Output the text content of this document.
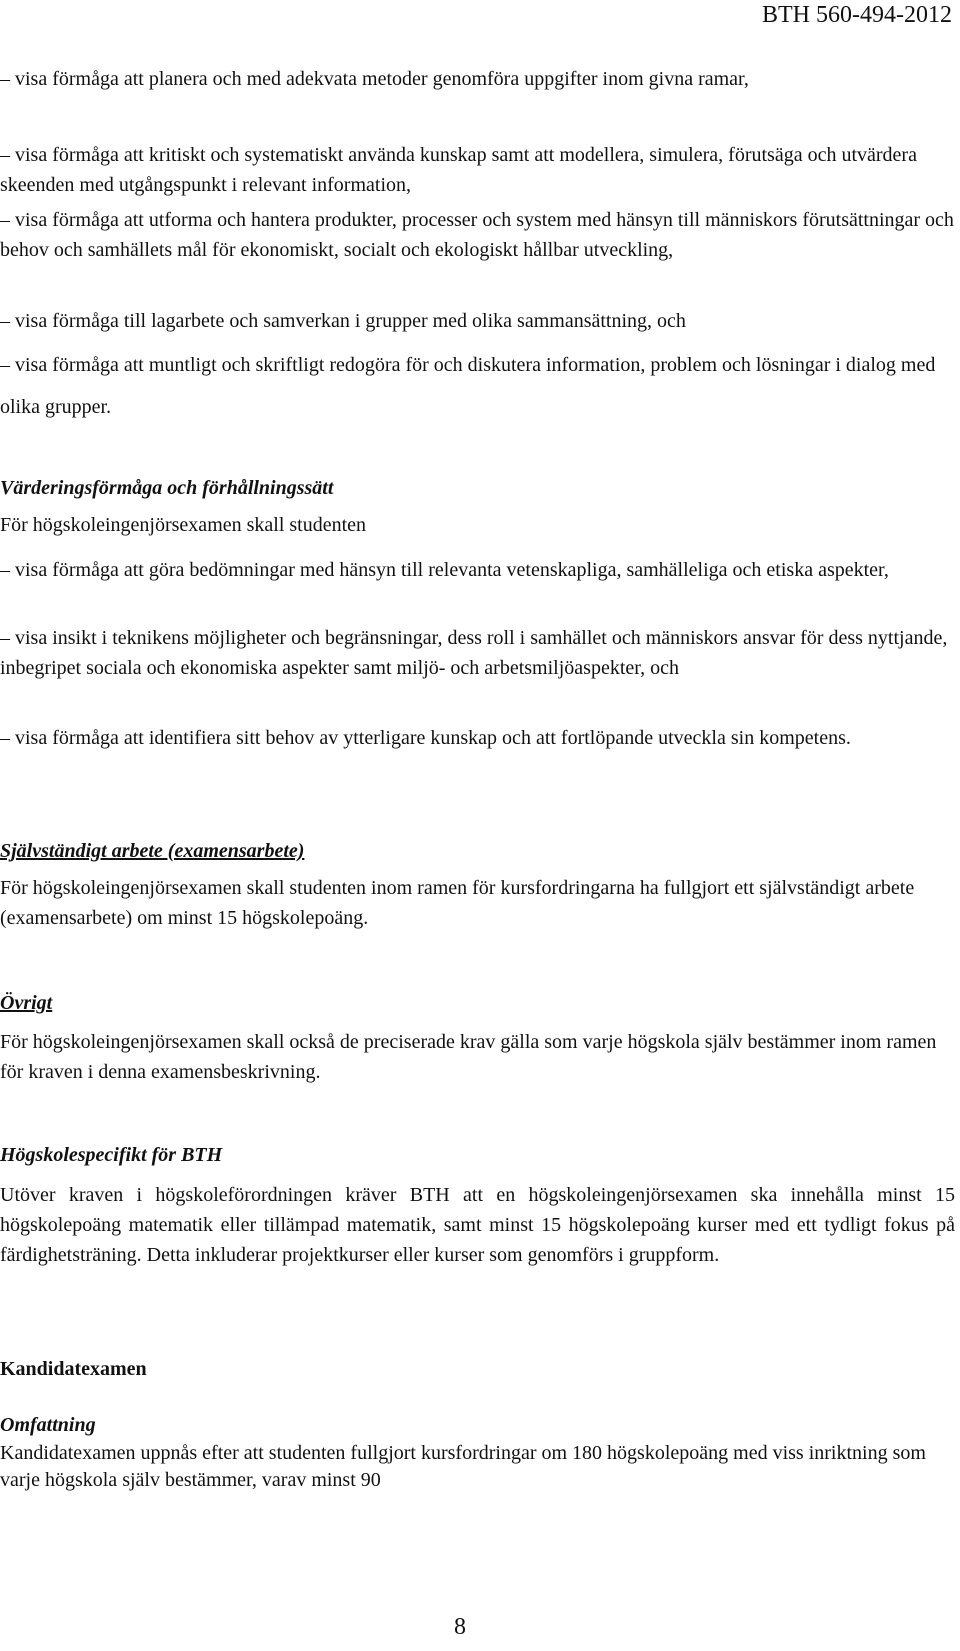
BTH 560-494-2012

– visa förmåga att planera och med adekvata metoder genomföra uppgifter inom givna ramar,

– visa förmåga att kritiskt och systematiskt använda kunskap samt att modellera, simulera, förutsäga och utvärdera skeenden med utgångspunkt i relevant information,

– visa förmåga att utforma och hantera produkter, processer och system med hänsyn till människors förutsättningar och behov och samhällets mål för ekonomiskt, socialt och ekologiskt hållbar utveckling,

– visa förmåga till lagarbete och samverkan i grupper med olika sammansättning, och

– visa förmåga att muntligt och skriftligt redogöra för och diskutera information, problem och lösningar i dialog med olika grupper.

Värderingsförmåga och förhållningssätt

För högskoleingenjörsexamen skall studenten

– visa förmåga att göra bedömningar med hänsyn till relevanta vetenskapliga, samhälleliga och etiska aspekter,

– visa insikt i teknikens möjligheter och begränsningar, dess roll i samhället och människors ansvar för dess nyttjande, inbegripet sociala och ekonomiska aspekter samt miljö- och arbetsmiljöaspekter, och

– visa förmåga att identifiera sitt behov av ytterligare kunskap och att fortlöpande utveckla sin kompetens.

Självständigt arbete (examensarbete)

För högskoleingenjörsexamen skall studenten inom ramen för kursfordringarna ha fullgjort ett självständigt arbete (examensarbete) om minst 15 högskolepoäng.

Övrigt

För högskoleingenjörsexamen skall också de preciserade krav gälla som varje högskola själv bestämmer inom ramen för kraven i denna examensbeskrivning.

Högskolespecifikt för BTH

Utöver kraven i högskoleförordningen kräver BTH att en högskoleingenjörsexamen ska innehålla minst 15 högskolepoäng matematik eller tillämpad matematik, samt minst 15 högskolepoäng kurser med ett tydligt fokus på färdighetsträning. Detta inkluderar projektkurser eller kurser som genomförs i gruppform.

Kandidatexamen

Omfattning

Kandidatexamen uppnås efter att studenten fullgjort kursfordringar om 180 högskolepoäng med viss inriktning som varje högskola själv bestämmer, varav minst 90

8
